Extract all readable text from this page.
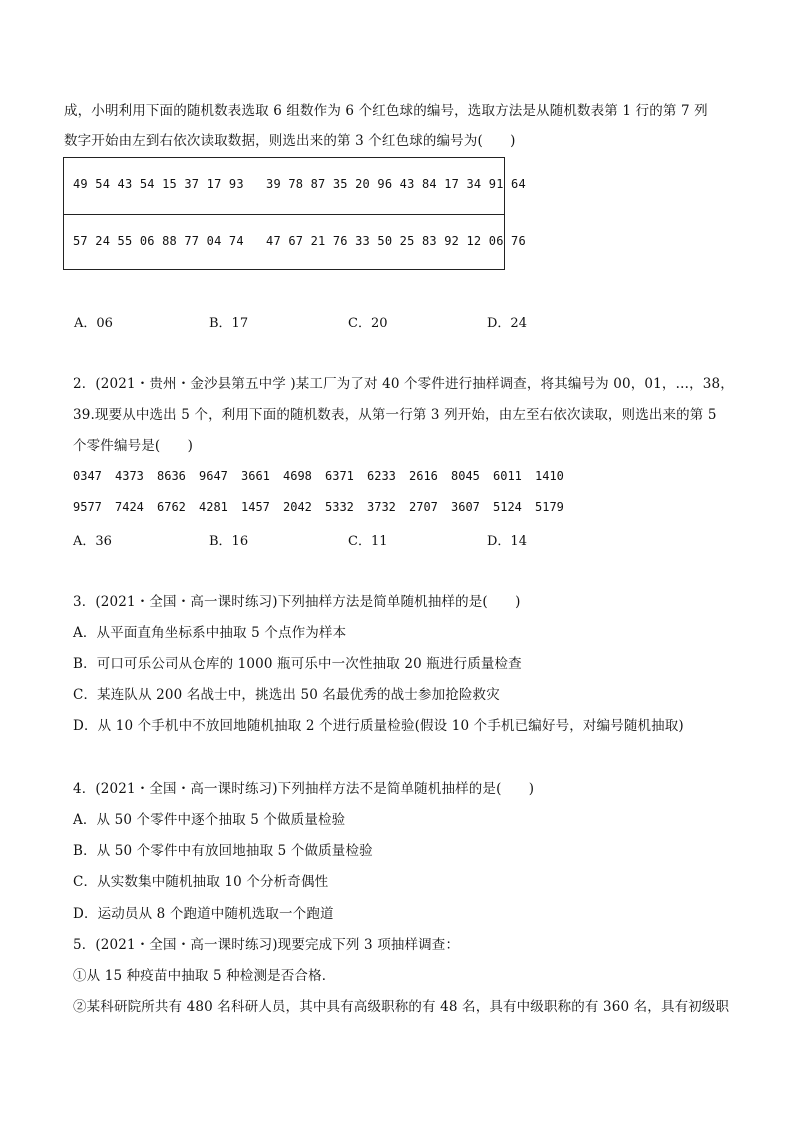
成，小明利用下面的随机数表选取 6 组数作为 6 个红色球的编号，选取方法是从随机数表第 1 行的第 7 列
数字开始由左到右依次读取数据，则选出来的第 3 个红色球的编号为(　　)
49 54 43 54 15 37 17 93   39 78 87 35 20 96 43 84 17 34 91 64
57 24 55 06 88 77 04 74   47 67 21 76 33 50 25 83 92 12 06 76
A．06	B．17	C．20	D．24
2．(2021・贵州・金沙县第五中学 )某工厂为了对 40 个零件进行抽样调查，将其编号为 00，01，…，38，
39.现要从中选出 5 个，利用下面的随机数表，从第一行第 3 列开始，由左至右依次读取，则选出来的第 5
个零件编号是(　　)
0347 4373 8636 9647 3661 4698 6371 6233 2616 8045 6011 1410
9577 7424 6762 4281 1457 2042 5332 3732 2707 3607 5124 5179
A．36	B．16	C．11	D．14
3．(2021・全国・高一课时练习)下列抽样方法是简单随机抽样的是(　　)
A．从平面直角坐标系中抽取 5 个点作为样本
B．可口可乐公司从仓库的 1000 瓶可乐中一次性抽取 20 瓶进行质量检查
C．某连队从 200 名战士中，挑选出 50 名最优秀的战士参加抢险救灾
D．从 10 个手机中不放回地随机抽取 2 个进行质量检验(假设 10 个手机已编好号，对编号随机抽取)
4．(2021・全国・高一课时练习)下列抽样方法不是简单随机抽样的是(　　)
A．从 50 个零件中逐个抽取 5 个做质量检验
B．从 50 个零件中有放回地抽取 5 个做质量检验
C．从实数集中随机抽取 10 个分析奇偶性
D．运动员从 8 个跑道中随机选取一个跑道
5．(2021・全国・高一课时练习)现要完成下列 3 项抽样调查：
①从 15 种疫苗中抽取 5 种检测是否合格．
②某科研院所共有 480 名科研人员，其中具有高级职称的有 48 名，具有中级职称的有 360 名，具有初级职
